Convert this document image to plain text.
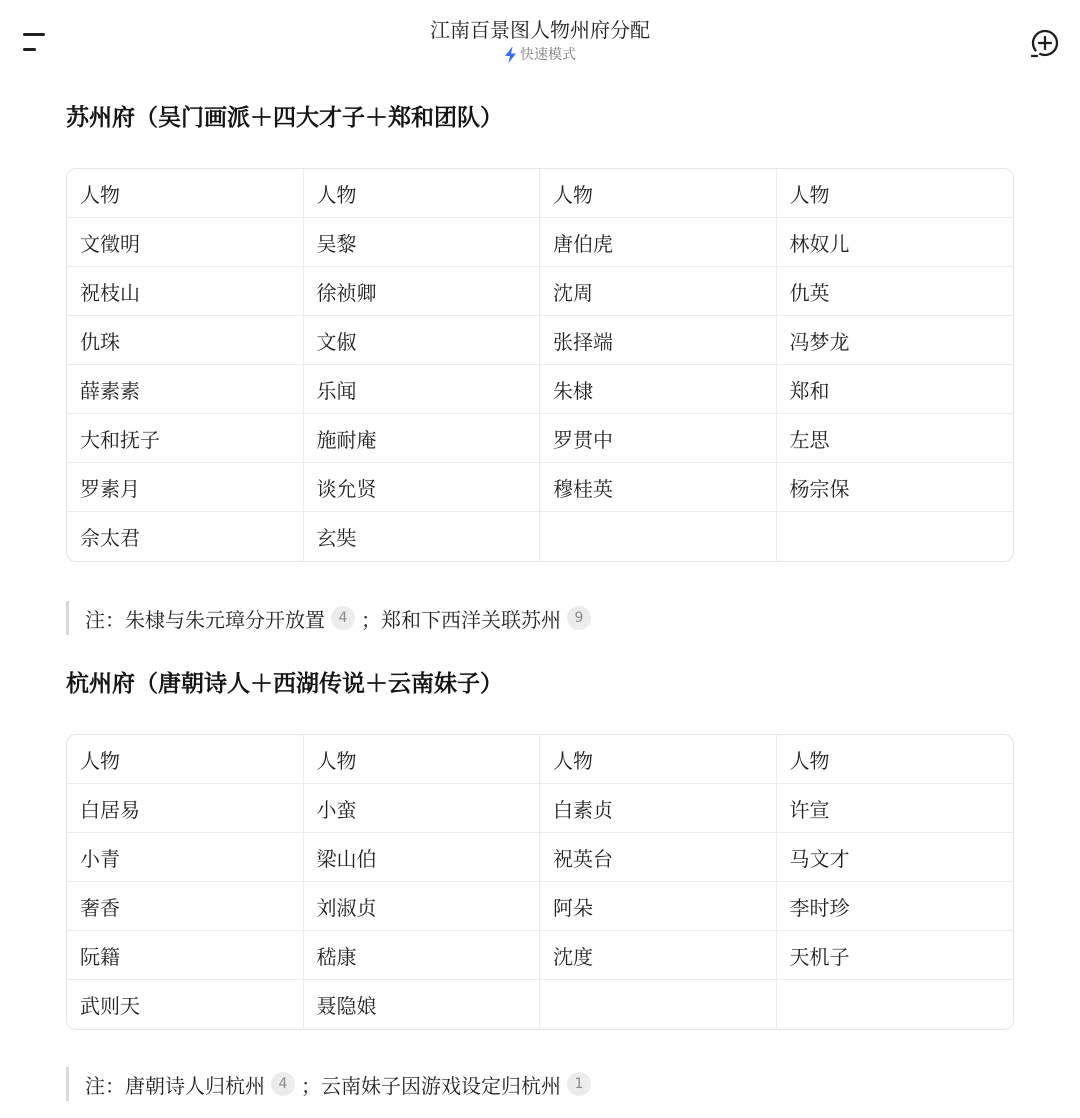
江南百景图人物州府分配
快速模式
苏州府（吴门画派＋四大才子＋郑和团队）
人物	人物	人物	人物
文徵明	吴黎	唐伯虎	林奴儿
祝枝山	徐祯卿	沈周	仇英
仇珠	文俶	张择端	冯梦龙
薛素素	乐闻	朱棣	郑和
大和抚子	施耐庵	罗贯中	左思
罗素月	谈允贤	穆桂英	杨宗保
佘太君	玄奘		
注：朱棣与朱元璋分开放置 4 ；郑和下西洋关联苏州 9
杭州府（唐朝诗人＋西湖传说＋云南妹子）
人物	人物	人物	人物
白居易	小蛮	白素贞	许宣
小青	梁山伯	祝英台	马文才
奢香	刘淑贞	阿朵	李时珍
阮籍	嵇康	沈度	天机子
武则天	聂隐娘		
注：唐朝诗人归杭州 4 ；云南妹子因游戏设定归杭州 1
